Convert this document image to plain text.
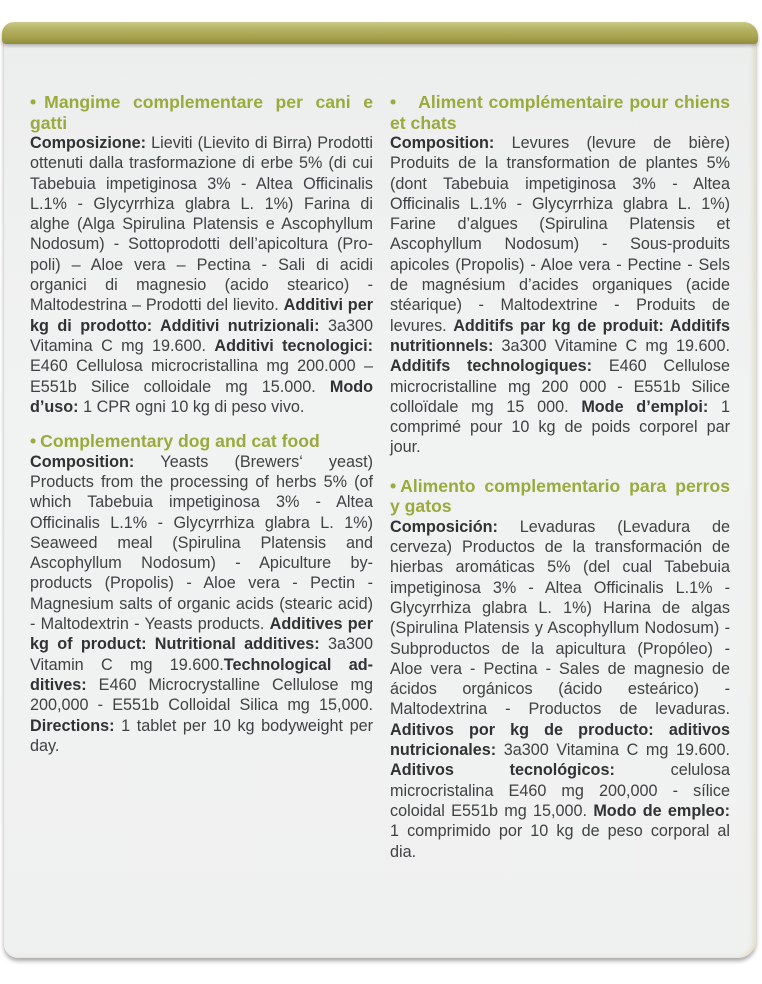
• Mangime complementare per cani e gatti

Composizione: Lieviti (Lievito di Birra) Prodotti ottenuti dalla trasformazione di erbe 5% (di cui Tabebuia impetiginosa 3% - Altea Officinalis L.1% - Glycyrrhiza glabra L. 1%) Farina di alghe (Alga Spirulina Platensis e Ascophyllum Nodosum) - Sottoprodotti dell’apicoltura (Propoli) – Aloe vera – Pectina - Sali di acidi organici di magnesio (acido stearico) - Maltodestrina – Prodotti del lievito. Additivi per kg di prodotto: Additivi nutrizionali: 3a300 Vitamina C mg 19.600. Additivi tecnologici: E460 Cellulosa microcristallina mg 200.000 – E551b Silice colloidale mg 15.000. Modo d’uso: 1 CPR ogni 10 kg di peso vivo.

• Complementary dog and cat food

Composition: Yeasts (Brewers‘ yeast) Products from the processing of herbs 5% (of which Tabebuia impetiginosa 3% - Altea Officinalis L.1% - Glycyrrhiza glabra L. 1%) Seaweed meal (Spirulina Platensis and Ascophyllum Nodosum) - Apiculture by-products (Propolis) - Aloe vera - Pectin - Magnesium salts of organic acids (stearic acid) - Maltodextrin - Yeasts products. Additives per kg of product: Nutritional additives: 3a300 Vitamin C mg 19.600.Technological additives: E460 Microcrystalline Cellulose mg 200,000 - E551b Colloidal Silica mg 15,000. Directions: 1 tablet per 10 kg bodyweight per day.

• Aliment complémentaire pour chiens et chats

Composition: Levures (levure de bière) Produits de la transformation de plantes 5% (dont Tabebuia impetiginosa 3% - Altea Officinalis L.1% - Glycyrrhiza glabra L. 1%) Farine d’algues (Spirulina Platensis et Ascophyllum Nodosum) - Sous-produits apicoles (Propolis) - Aloe vera - Pectine - Sels de magnésium d’acides organiques (acide stéarique) - Maltodextrine - Produits de levures. Additifs par kg de produit: Additifs nutritionnels: 3a300 Vitamine C mg 19.600. Additifs technologiques: E460 Cellulose microcristalline mg 200 000 - E551b Silice colloïdale mg 15 000. Mode d’emploi: 1 comprimé pour 10 kg de poids corporel par jour.

• Alimento complementario para perros y gatos

Composición: Levaduras (Levadura de cerveza) Productos de la transformación de hierbas aromáticas 5% (del cual Tabebuia impetiginosa 3% - Altea Officinalis L.1% - Glycyrrhiza glabra L. 1%) Harina de algas (Spirulina Platensis y Ascophyllum Nodosum) - Subproductos de la apicultura (Propóleo) - Aloe vera - Pectina - Sales de magnesio de ácidos orgánicos (ácido esteárico) - Maltodextrina - Productos de levaduras. Aditivos por kg de producto: aditivos nutricionales: 3a300 Vitamina C mg 19.600. Aditivos tecnológicos: celulosa microcristalina E460 mg 200,000 - sílice coloidal E551b mg 15,000. Modo de empleo: 1 comprimido por 10 kg de peso corporal al dia.
